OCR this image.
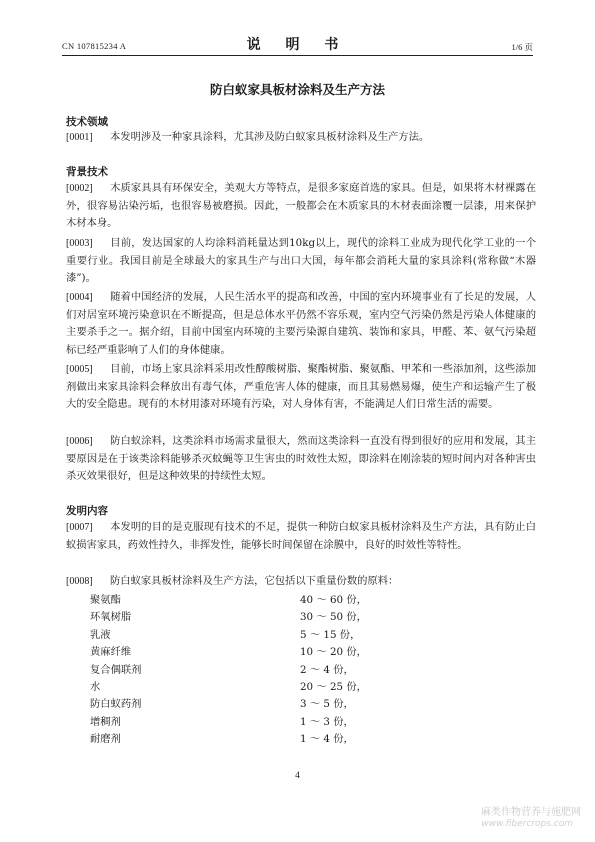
CN 107815234 A	说 明 书	1/6 页
防白蚁家具板材涂料及生产方法
技术领域
[0001] 本发明涉及一种家具涂料，尤其涉及防白蚁家具板材涂料及生产方法。
背景技术
[0002] 木质家具具有环保安全，美观大方等特点，是很多家庭首选的家具。但是，如果将木材裸露在外，很容易沾染污垢，也很容易被磨损。因此，一般都会在木质家具的木材表面涂覆一层漆，用来保护木材本身。
[0003] 目前，发达国家的人均涂料消耗量达到10kg以上，现代的涂料工业成为现代化学工业的一个重要行业。我国目前是全球最大的家具生产与出口大国，每年都会消耗大量的家具涂料(常称做“木器漆”)。
[0004] 随着中国经济的发展，人民生活水平的提高和改善，中国的室内环境事业有了长足的发展，人们对居室环境污染意识在不断提高，但是总体水平仍然不容乐观，室内空气污染仍然是污染人体健康的主要杀手之一。据介绍，目前中国室内环境的主要污染源自建筑、装饰和家具，甲醛、苯、氨气污染超标已经严重影响了人们的身体健康。
[0005] 目前，市场上家具涂料采用改性醇酸树脂、聚酯树脂、聚氨酯、甲苯和一些添加剂，这些添加剂做出来家具涂料会释放出有毒气体，严重危害人体的健康，而且其易燃易爆，使生产和运输产生了极大的安全隐患。现有的木材用漆对环境有污染，对人身体有害，不能满足人们日常生活的需要。
[0006] 防白蚁涂料，这类涂料市场需求量很大，然而这类涂料一直没有得到很好的应用和发展，其主要原因是在于该类涂料能够杀灭蚊蝇等卫生害虫的时效性太短，即涂料在刚涂装的短时间内对各种害虫杀灭效果很好，但是这种效果的持续性太短。
发明内容
[0007] 本发明的目的是克服现有技术的不足，提供一种防白蚁家具板材涂料及生产方法，具有防止白蚁损害家具，药效性持久，非挥发性，能够长时间保留在涂膜中，良好的时效性等特性。
[0008] 防白蚁家具板材涂料及生产方法，它包括以下重量份数的原料：
聚氨酯	40 ～ 60 份，
环氧树脂	30 ～ 50 份，
乳液	5 ～ 15 份，
黄麻纤维	10 ～ 20 份，
复合偶联剂	2 ～ 4 份，
水	20 ～ 25 份，
防白蚁药剂	3 ～ 5 份，
增稠剂	1 ～ 3 份，
耐磨剂	1 ～ 4 份，
4
麻类作物营养与施肥网
www.fibercrops.com
